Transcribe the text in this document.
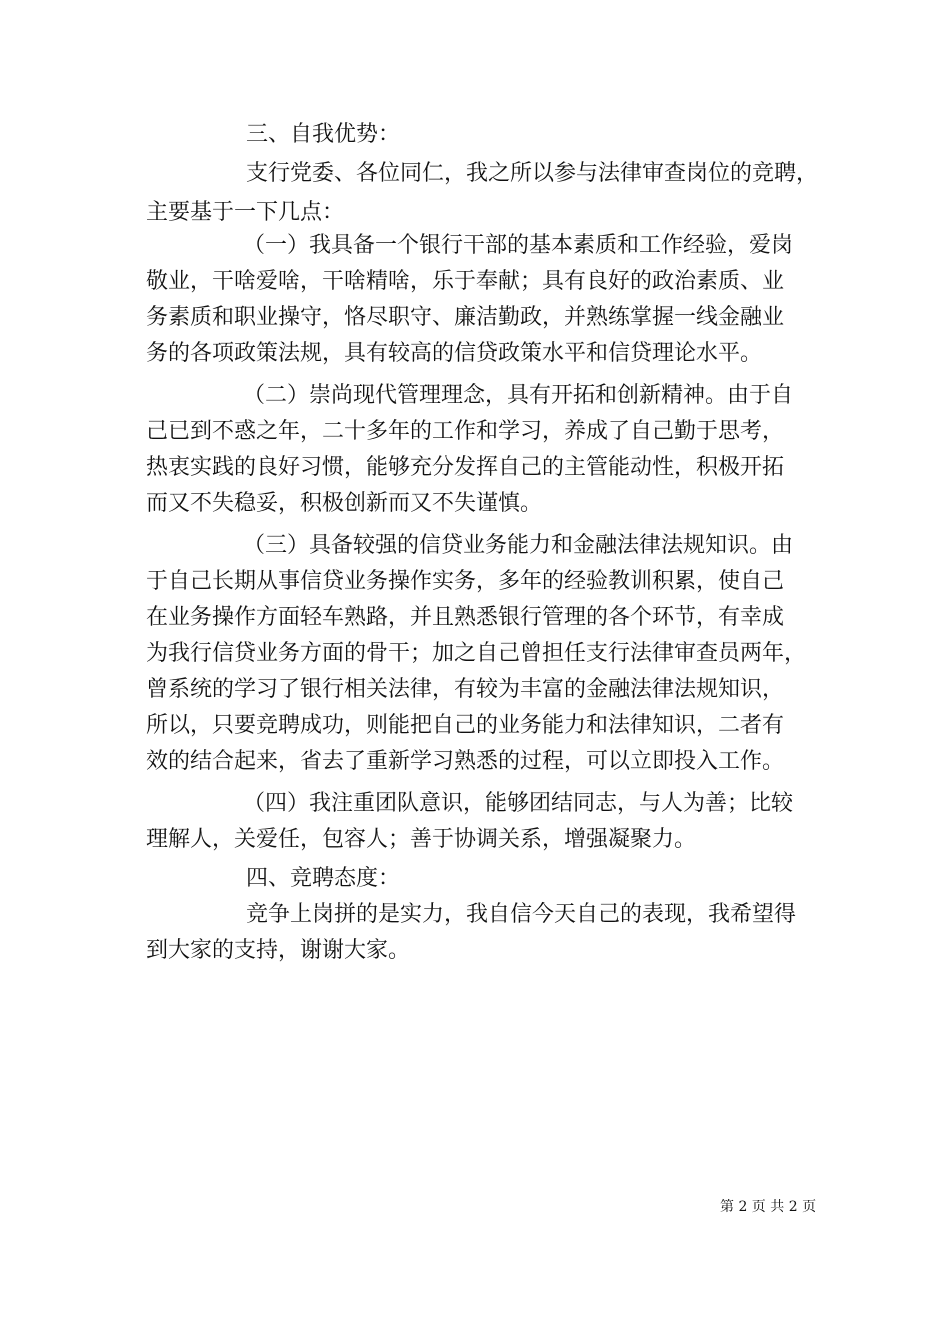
三、自我优势：

支行党委、各位同仁，我之所以参与法律审查岗位的竞聘，

主要基于一下几点：

（一）我具备一个银行干部的基本素质和工作经验，爱岗

敬业，干啥爱啥，干啥精啥，乐于奉献；具有良好的政治素质、业

务素质和职业操守，恪尽职守、廉洁勤政，并熟练掌握一线金融业

务的各项政策法规，具有较高的信贷政策水平和信贷理论水平。

（二）崇尚现代管理理念，具有开拓和创新精神。由于自

己已到不惑之年，二十多年的工作和学习，养成了自己勤于思考，

热衷实践的良好习惯，能够充分发挥自己的主管能动性，积极开拓

而又不失稳妥，积极创新而又不失谨慎。

（三）具备较强的信贷业务能力和金融法律法规知识。由

于自己长期从事信贷业务操作实务，多年的经验教训积累，使自己

在业务操作方面轻车熟路，并且熟悉银行管理的各个环节，有幸成

为我行信贷业务方面的骨干；加之自己曾担任支行法律审查员两年，

曾系统的学习了银行相关法律，有较为丰富的金融法律法规知识，

所以，只要竞聘成功，则能把自己的业务能力和法律知识，二者有

效的结合起来，省去了重新学习熟悉的过程，可以立即投入工作。

（四）我注重团队意识，能够团结同志，与人为善；比较

理解人，关爱任，包容人；善于协调关系，增强凝聚力。

四、竞聘态度：

竞争上岗拼的是实力，我自信今天自己的表现，我希望得

到大家的支持，谢谢大家。

第 2 页 共 2 页
